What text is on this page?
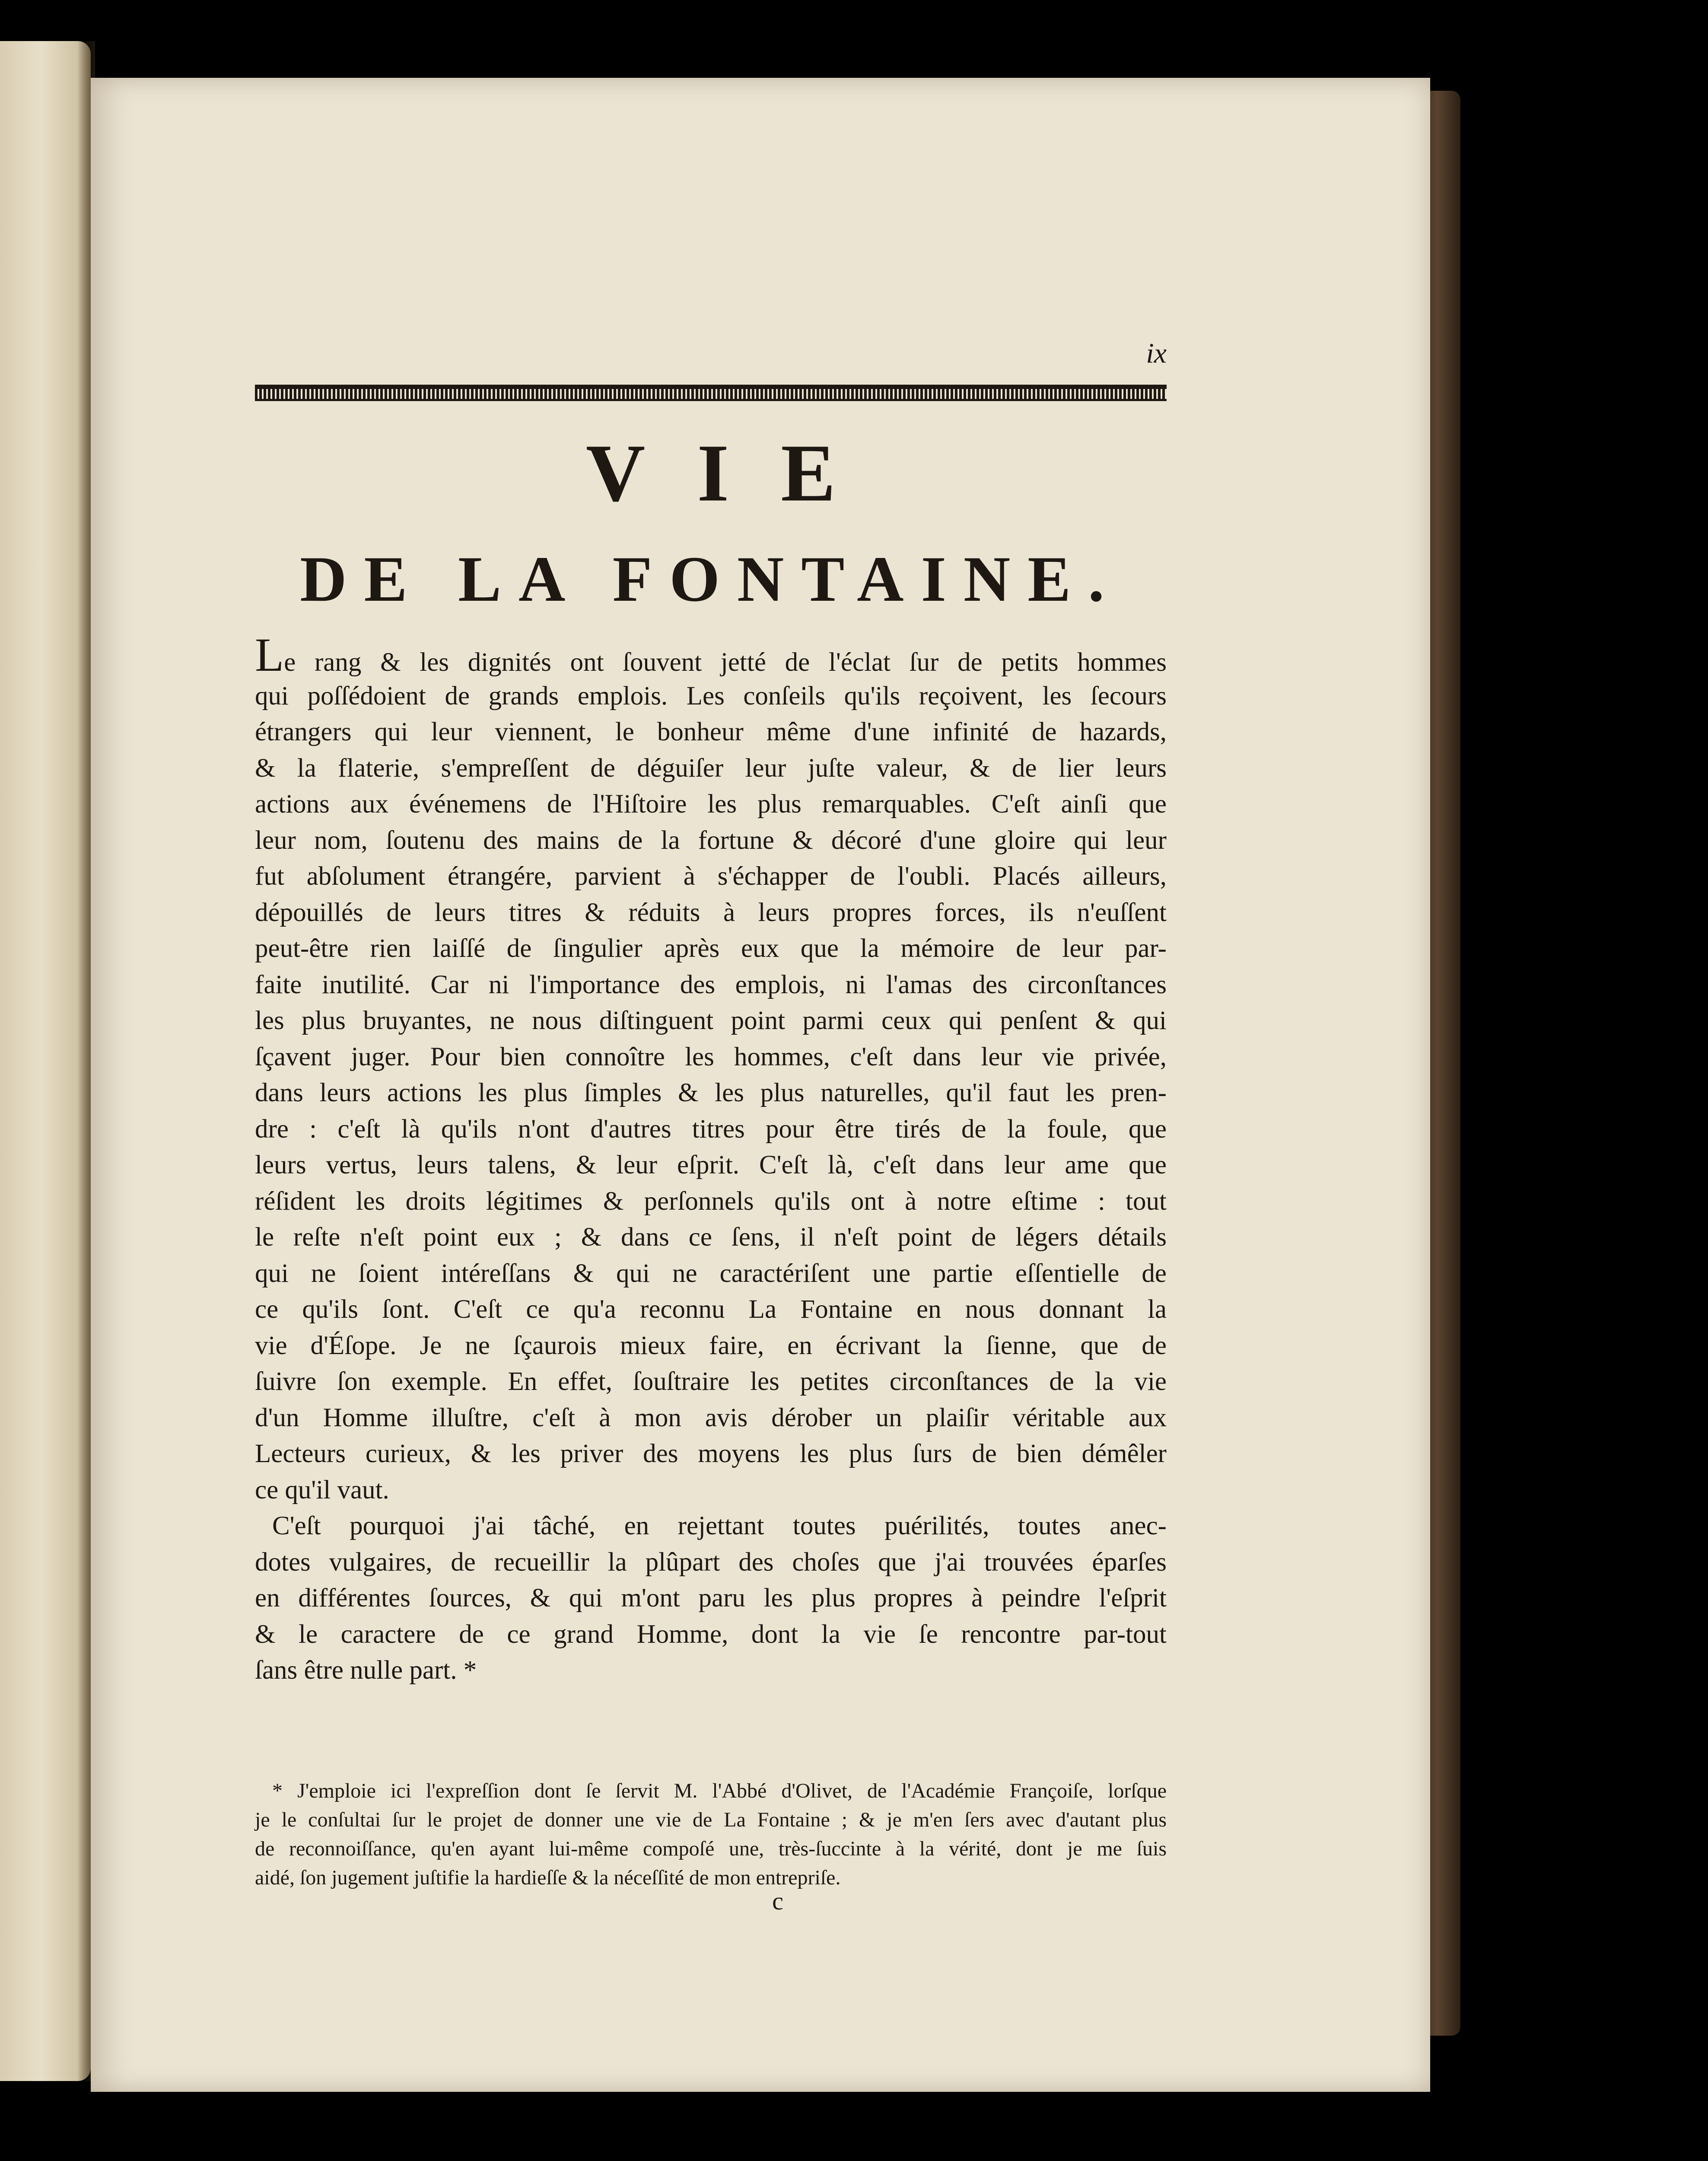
ix
VIE
DE LA FONTAINE.
Le rang & les dignités ont ſouvent jetté de l'éclat ſur de petits hommes
qui poſſédoient de grands emplois. Les conſeils qu'ils reçoivent, les ſecours
étrangers qui leur viennent, le bonheur même d'une infinité de hazards,
& la flaterie, s'empreſſent de déguiſer leur juſte valeur, & de lier leurs
actions aux événemens de l'Hiſtoire les plus remarquables. C'eſt ainſi que
leur nom, ſoutenu des mains de la fortune & décoré d'une gloire qui leur
fut abſolument étrangére, parvient à s'échapper de l'oubli. Placés ailleurs,
dépouillés de leurs titres & réduits à leurs propres forces, ils n'euſſent
peut-être rien laiſſé de ſingulier après eux que la mémoire de leur par-
faite inutilité. Car ni l'importance des emplois, ni l'amas des circonſtances
les plus bruyantes, ne nous diſtinguent point parmi ceux qui penſent & qui
ſçavent juger. Pour bien connoître les hommes, c'eſt dans leur vie privée,
dans leurs actions les plus ſimples & les plus naturelles, qu'il faut les pren-
dre : c'eſt là qu'ils n'ont d'autres titres pour être tirés de la foule, que
leurs vertus, leurs talens, & leur eſprit. C'eſt là, c'eſt dans leur ame que
réſident les droits légitimes & perſonnels qu'ils ont à notre eſtime : tout
le reſte n'eſt point eux ; & dans ce ſens, il n'eſt point de légers détails
qui ne ſoient intéreſſans & qui ne caractériſent une partie eſſentielle de
ce qu'ils ſont. C'eſt ce qu'a reconnu La Fontaine en nous donnant la
vie d'Éſope. Je ne ſçaurois mieux faire, en écrivant la ſienne, que de
ſuivre ſon exemple. En effet, ſouſtraire les petites circonſtances de la vie
d'un Homme illuſtre, c'eſt à mon avis dérober un plaiſir véritable aux
Lecteurs curieux, & les priver des moyens les plus ſurs de bien démêler
ce qu'il vaut.
C'eſt pourquoi j'ai tâché, en rejettant toutes puérilités, toutes anec-
dotes vulgaires, de recueillir la plûpart des choſes que j'ai trouvées éparſes
en différentes ſources, & qui m'ont paru les plus propres à peindre l'eſprit
& le caractere de ce grand Homme, dont la vie ſe rencontre par-tout
ſans être nulle part. *
* J'emploie ici l'expreſſion dont ſe ſervit M. l'Abbé d'Olivet, de l'Académie Françoiſe, lorſque
je le conſultai ſur le projet de donner une vie de La Fontaine ; & je m'en ſers avec d'autant plus
de reconnoiſſance, qu'en ayant lui-même compoſé une, très-ſuccinte à la vérité, dont je me ſuis
aidé, ſon jugement juſtifie la hardieſſe & la néceſſité de mon entrepriſe.
c
